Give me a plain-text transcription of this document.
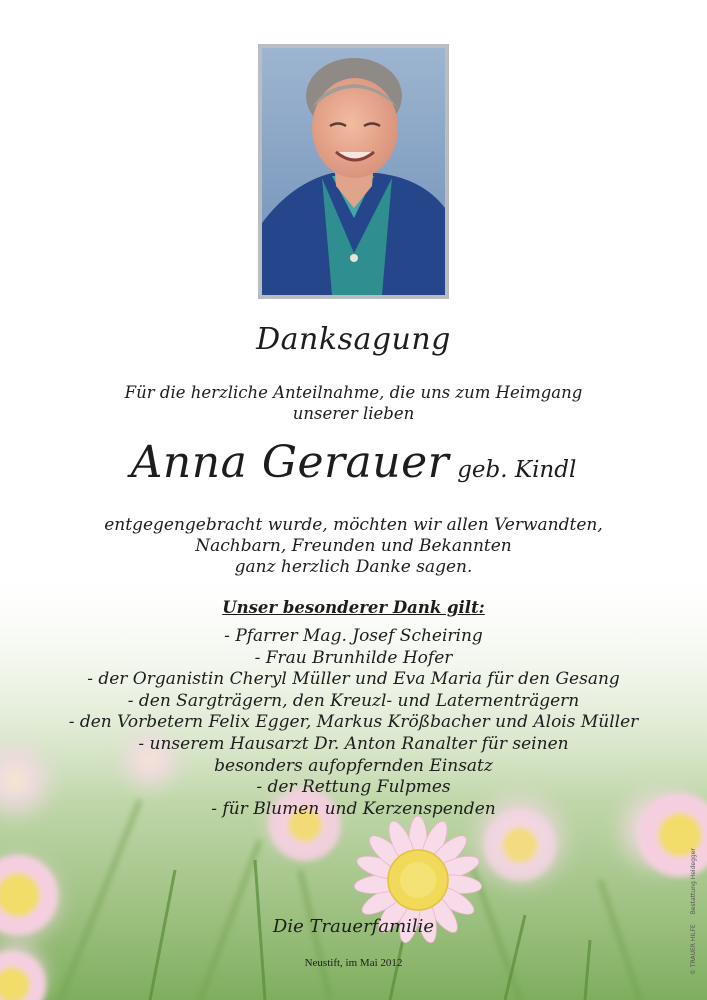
Danksagung
Für die herzliche Anteilnahme, die uns zum Heimgang
unserer lieben
Anna Gerauer geb. Kindl
entgegengebracht wurde, möchten wir allen Verwandten,
Nachbarn, Freunden und Bekannten
ganz herzlich Danke sagen.
Unser besonderer Dank gilt:
- Pfarrer Mag. Josef Scheiring
- Frau Brunhilde Hofer
- der Organistin Cheryl Müller und Eva Maria für den Gesang
- den Sargträgern, den Kreuzl- und Laternenträgern
- den Vorbetern Felix Egger, Markus Krößbacher und Alois Müller
- unserem Hausarzt Dr. Anton Ranalter für seinen
besonders aufopfernden Einsatz
- der Rettung Fulpmes
- für Blumen und Kerzenspenden
Die Trauerfamilie
Neustift, im Mai 2012	© TRAUER HILFEBestattung Heidegger
